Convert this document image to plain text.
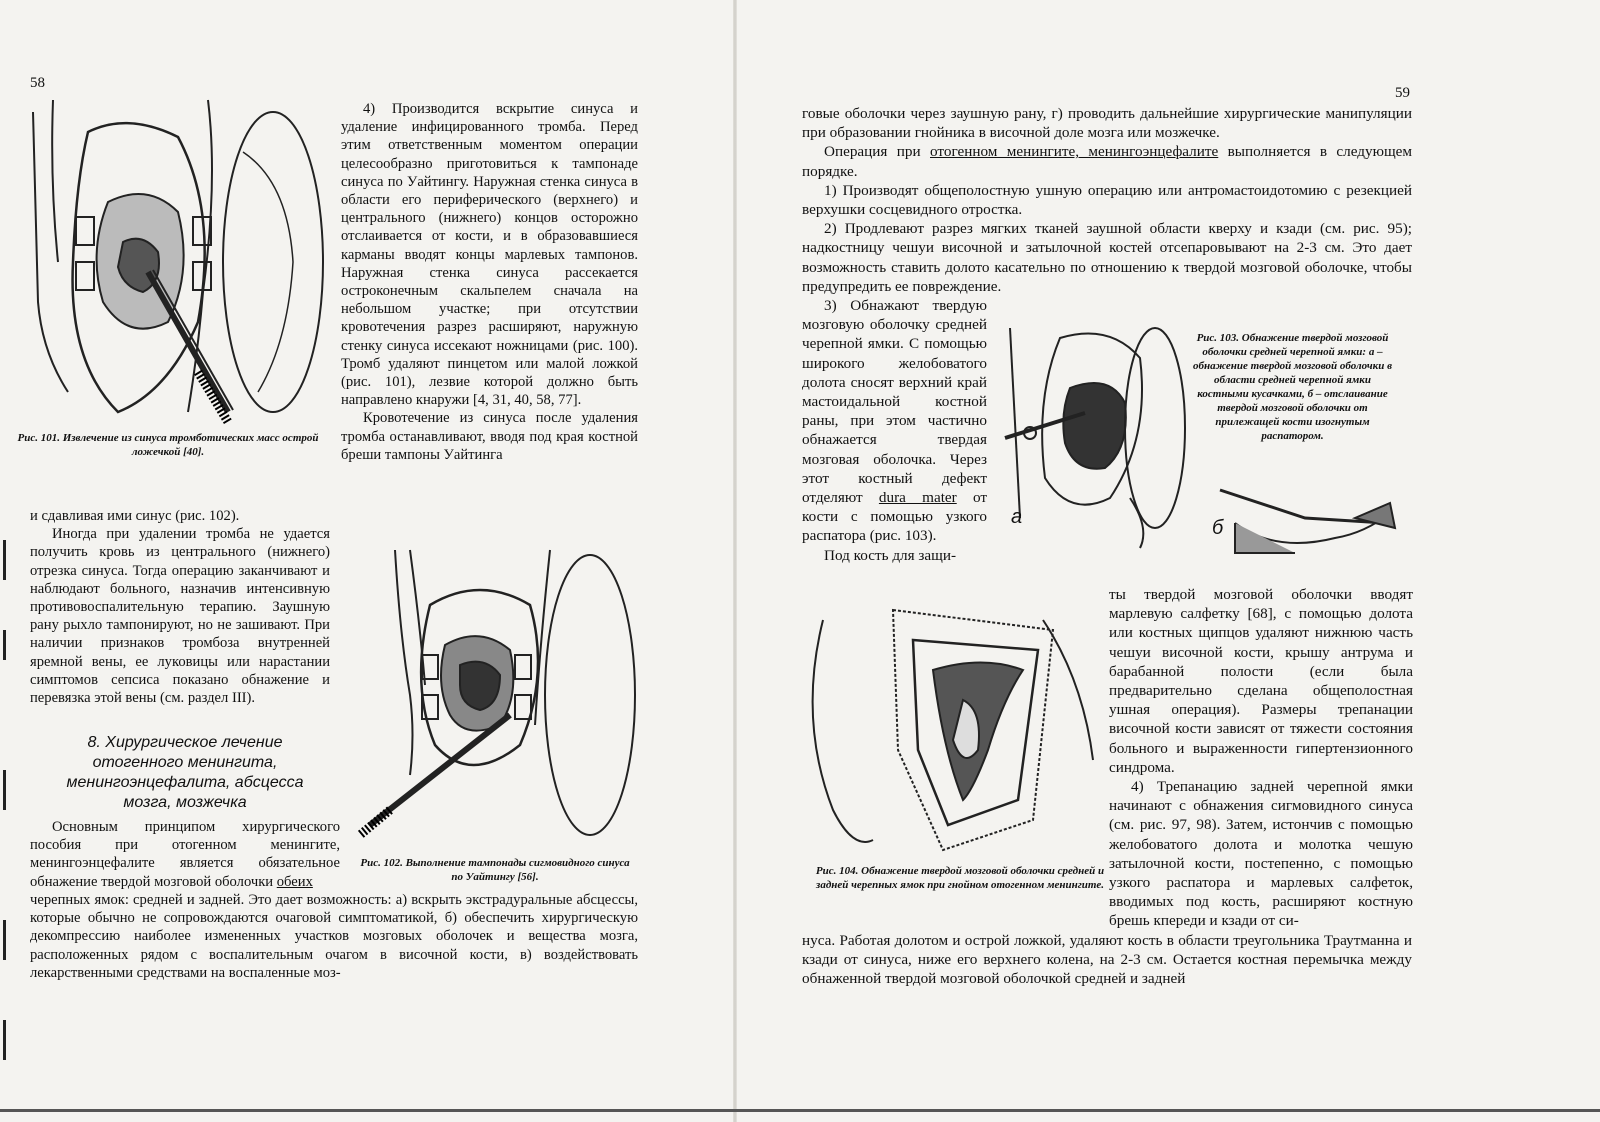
58
Рис. 101. Извлечение из синуса тромботических масс острой ложечкой [40].

4) Производится вскрытие синуса и удаление инфицированного тромба. Перед этим ответственным моментом операции целесообразно приготовиться к тампонаде синуса по Уайтингу. Наружная стенка синуса в области его периферического (верхнего) и центрального (нижнего) концов осторожно отслаивается от кости, и в образовавшиеся карманы вводят концы марлевых тампонов. Наружная стенка синуса рассекается остроконечным скальпелем сначала на небольшом участке; при отсутствии кровотечения разрез расширяют, наружную стенку синуса иссекают ножницами (рис. 100). Тромб удаляют пинцетом или малой ложкой (рис. 101), лезвие которой должно быть направлено кнаружи [4, 31, 40, 58, 77].

Кровотечение из синуса после удаления тромба останавливают, вводя под края костной бреши тампоны Уайтинга

и сдавливая ими синус (рис. 102).

Иногда при удалении тромба не удается получить кровь из центрального (нижнего) отрезка синуса. Тогда операцию заканчивают и наблюдают больного, назначив интенсивную противовоспалительную терапию. Заушную рану рыхло тампонируют, но не зашивают. При наличии признаков тромбоза внутренней яремной вены, ее луковицы или нарастании симптомов сепсиса показано обнажение и перевязка этой вены (см. раздел III).

8. Хирургическое лечение
отогенного менингита,
менингоэнцефалита, абсцесса
мозга, мозжечка
Рис. 102. Выполнение тампонады сигмовидного синуса по Уайтингу [56].

Основным принципом хирургического пособия при отогенном менингите, менингоэнцефалите является обязательное обнажение твердой мозговой оболочки обеих

черепных ямок: средней и задней. Это дает возможность: а) вскрыть экстрадуральные абсцессы, которые обычно не сопровождаются очаговой симптоматикой, б) обеспечить хирургическую декомпрессию наиболее измененных участков мозговых оболочек и вещества мозга, расположенных рядом с воспалительным очагом в височной кости, в) воздействовать лекарственными средствами на воспаленные моз-

59

говые оболочки через заушную рану, г) проводить дальнейшие хирургические манипуляции при образовании гнойника в височной доле мозга или мозжечке.

Операция при отогенном менингите, менингоэнцефалите выполняется в следующем порядке.

1) Производят общеполостную ушную операцию или антромастоидотомию с резекцией верхушки сосцевидного отростка.

2) Продлевают разрез мягких тканей заушной области кверху и кзади (см. рис. 95); надкостницу чешуи височной и затылочной костей отсепаровывают на 2-3 см. Это дает возможность ставить долото касательно по отношению к твердой мозговой оболочке, чтобы предупредить ее повреждение.

3) Обнажают твердую мозговую оболочку средней черепной ямки. С помощью широкого желобоватого долота сносят верхний край мастоидальной костной раны, при этом частично обнажается твердая мозговая оболочка. Через этот костный дефект отделяют dura mater от кости с помощью узкого распатора (рис. 103).

Под кость для защи-

а
Рис. 103. Обнажение твердой мозговой оболочки средней черепной ямки: а – обнажение твердой мозговой оболочки в области средней черепной ямки костными кусачками, б – отслаивание твердой мозговой оболочки от прилежащей кости изогнутым распатором.
б
Рис. 104. Обнажение твердой мозговой оболочки средней и задней черепных ямок при гнойном отогенном менингите.

ты твердой мозговой оболочки вводят марлевую салфетку [68], с помощью долота или костных щипцов удаляют нижнюю часть чешуи височной кости, крышу антрума и барабанной полости (если была предварительно сделана общеполостная ушная операция). Размеры трепанации височной кости зависят от тяжести состояния больного и выраженности гипертензионного синдрома.

4) Трепанацию задней черепной ямки начинают с обнажения сигмовидного синуса (см. рис. 97, 98). Затем, истончив с помощью желобоватого долота и молотка чешую затылочной кости, постепенно, с помощью узкого распатора и марлевых салфеток, вводимых под кость, расширяют костную брешь кпереди и кзади от си-

нуса. Работая долотом и острой ложкой, удаляют кость в области треугольника Траутманна и кзади от синуса, ниже его верхнего колена, на 2-3 см. Остается костная перемычка между обнаженной твердой мозговой оболочкой средней и задней
